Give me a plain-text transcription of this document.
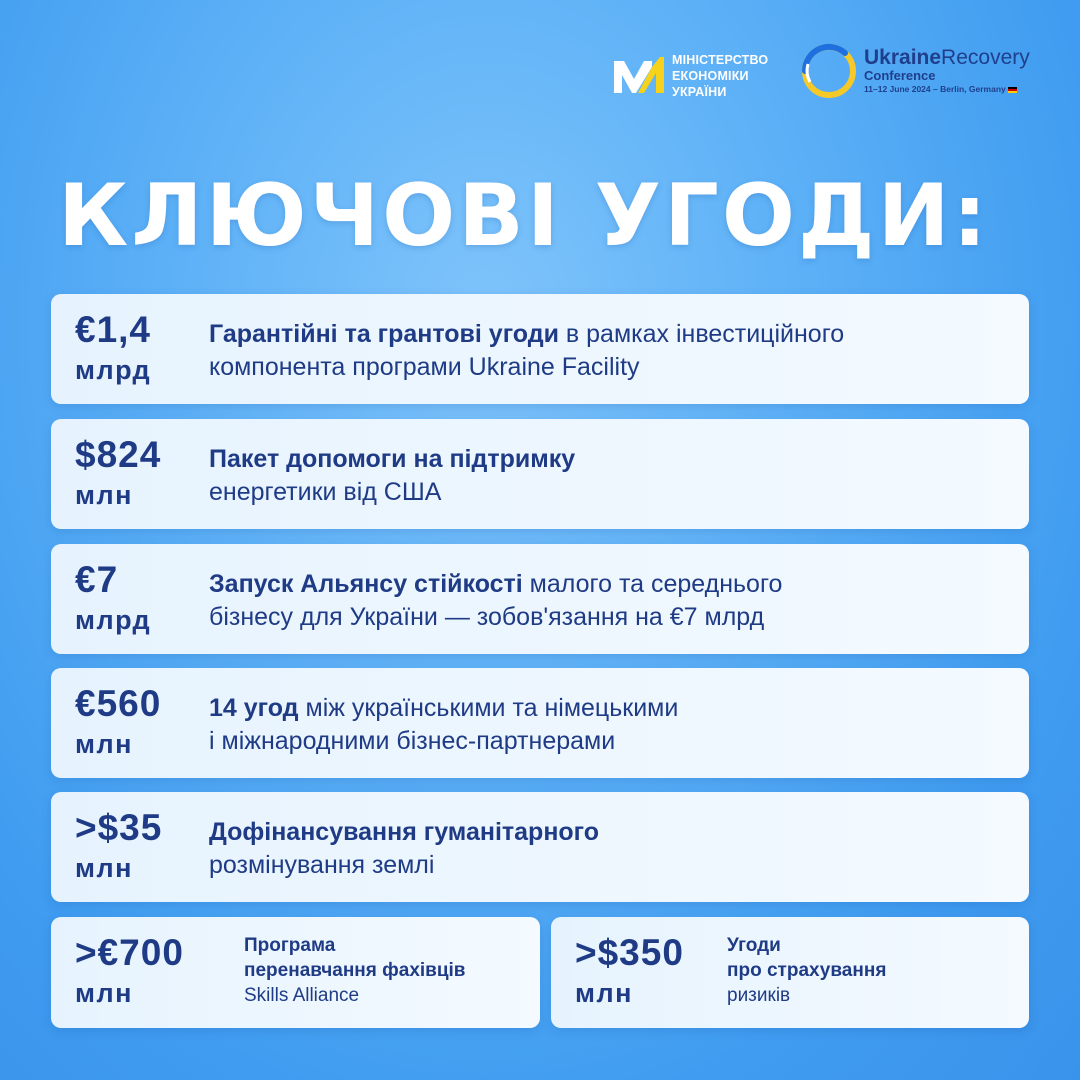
МІНІСТЕРСТВО
ЕКОНОМІКИ
УКРАЇНИ
UkraineRecovery
Conference
11–12 June 2024 – Berlin, Germany
КЛЮЧОВІ УГОДИ:
€1,4
млрд
Гарантійні та грантові угоди в рамках інвестиційного
компонента програми Ukraine Facility
$824
млн
Пакет допомоги на підтримку
енергетики від США
€7
млрд
Запуск Альянсу стійкості малого та середнього
бізнесу для України — зобов'язання на €7 млрд
€560
млн
14 угод між українськими та німецькими
і міжнародними бізнес-партнерами
>$35
млн
Дофінансування гуманітарного
розмінування землі
>€700
млн
Програма
перенавчання фахівців
Skills Alliance
>$350
млн
Угоди
про страхування
ризиків
